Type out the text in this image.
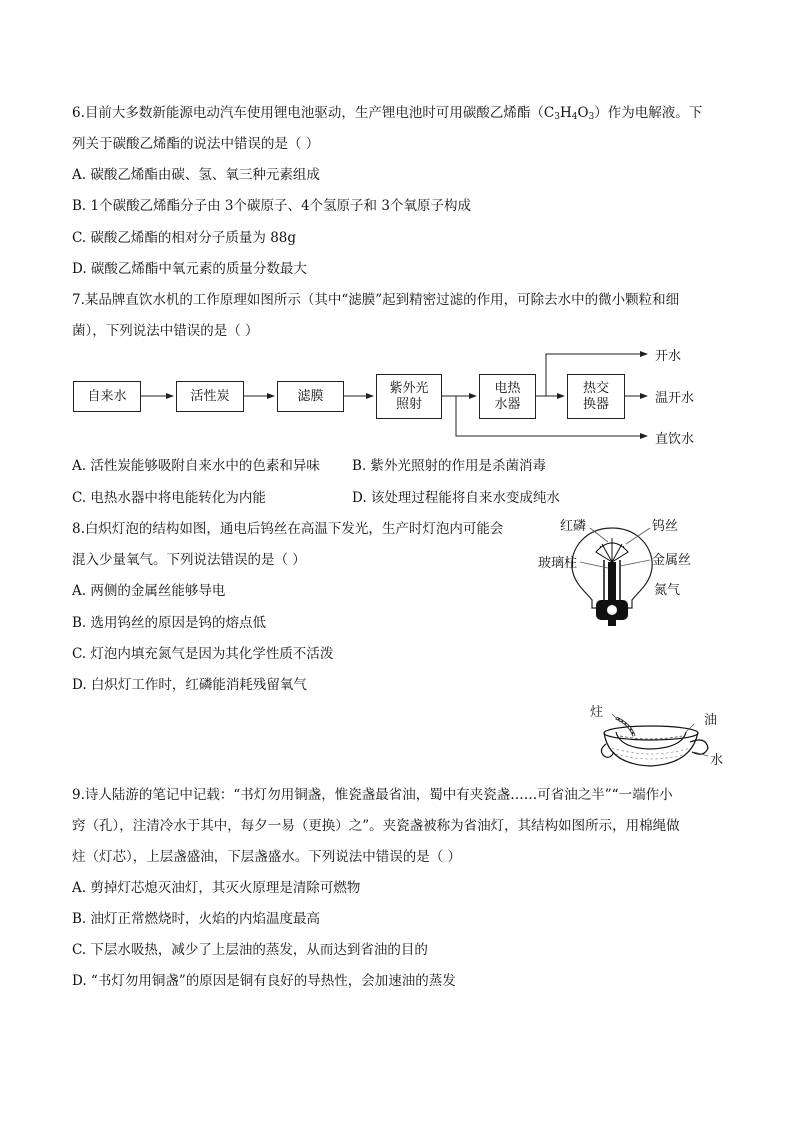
6.目前大多数新能源电动汽车使用锂电池驱动，生产锂电池时可用碳酸乙烯酯$(C_3H_4O_3)$作为电解液。下
列关于碳酸乙烯酯的说法中错误的是（ ）
A. 碳酸乙烯酯由碳、氢、氧三种元素组成
B. 1个碳酸乙烯酯分子由 3个碳原子、4个氢原子和 3个氧原子构成
C. 碳酸乙烯酯的相对分子质量为 88g
D. 碳酸乙烯酯中氧元素的质量分数最大
7.某品牌直饮水机的工作原理如图所示（其中“滤膜”起到精密过滤的作用，可除去水中的微小颗粒和细
菌），下列说法中错误的是（ ）
自来水	活性炭	滤膜
紫外光
照射
电热
水器
热交
换器
开水
温开水
直饮水
A. 活性炭能够吸附自来水中的色素和异味 B. 紫外光照射的作用是杀菌消毒
C. 电热水器中将电能转化为内能	D. 该处理过程能将自来水变成纯水
8.白炽灯泡的结构如图，通电后钨丝在高温下发光，生产时灯泡内可能会
混入少量氧气。下列说法错误的是（ ）
A. 两侧的金属丝能够导电
B. 选用钨丝的原因是钨的熔点低
C. 灯泡内填充氮气是因为其化学性质不活泼
D. 白炽灯工作时，红磷能消耗残留氧气
红磷	钨丝
金属丝
玻璃柱
氮气
炷
油
水
9.诗人陆游的笔记中记载：“书灯勿用铜盏，惟瓷盏最省油，蜀中有夹瓷盏……可省油之半”“一端作小
窍（孔），注清冷水于其中，每夕一易（更换）之”。夹瓷盏被称为省油灯，其结构如图所示，用棉绳做
炷（灯芯），上层盏盛油，下层盏盛水。下列说法中错误的是（ ）
A. 剪掉灯芯熄灭油灯，其灭火原理是清除可燃物
B. 油灯正常燃烧时，火焰的内焰温度最高
C. 下层水吸热，减少了上层油的蒸发，从而达到省油的目的
D. “书灯勿用铜盏”的原因是铜有良好的导热性，会加速油的蒸发
